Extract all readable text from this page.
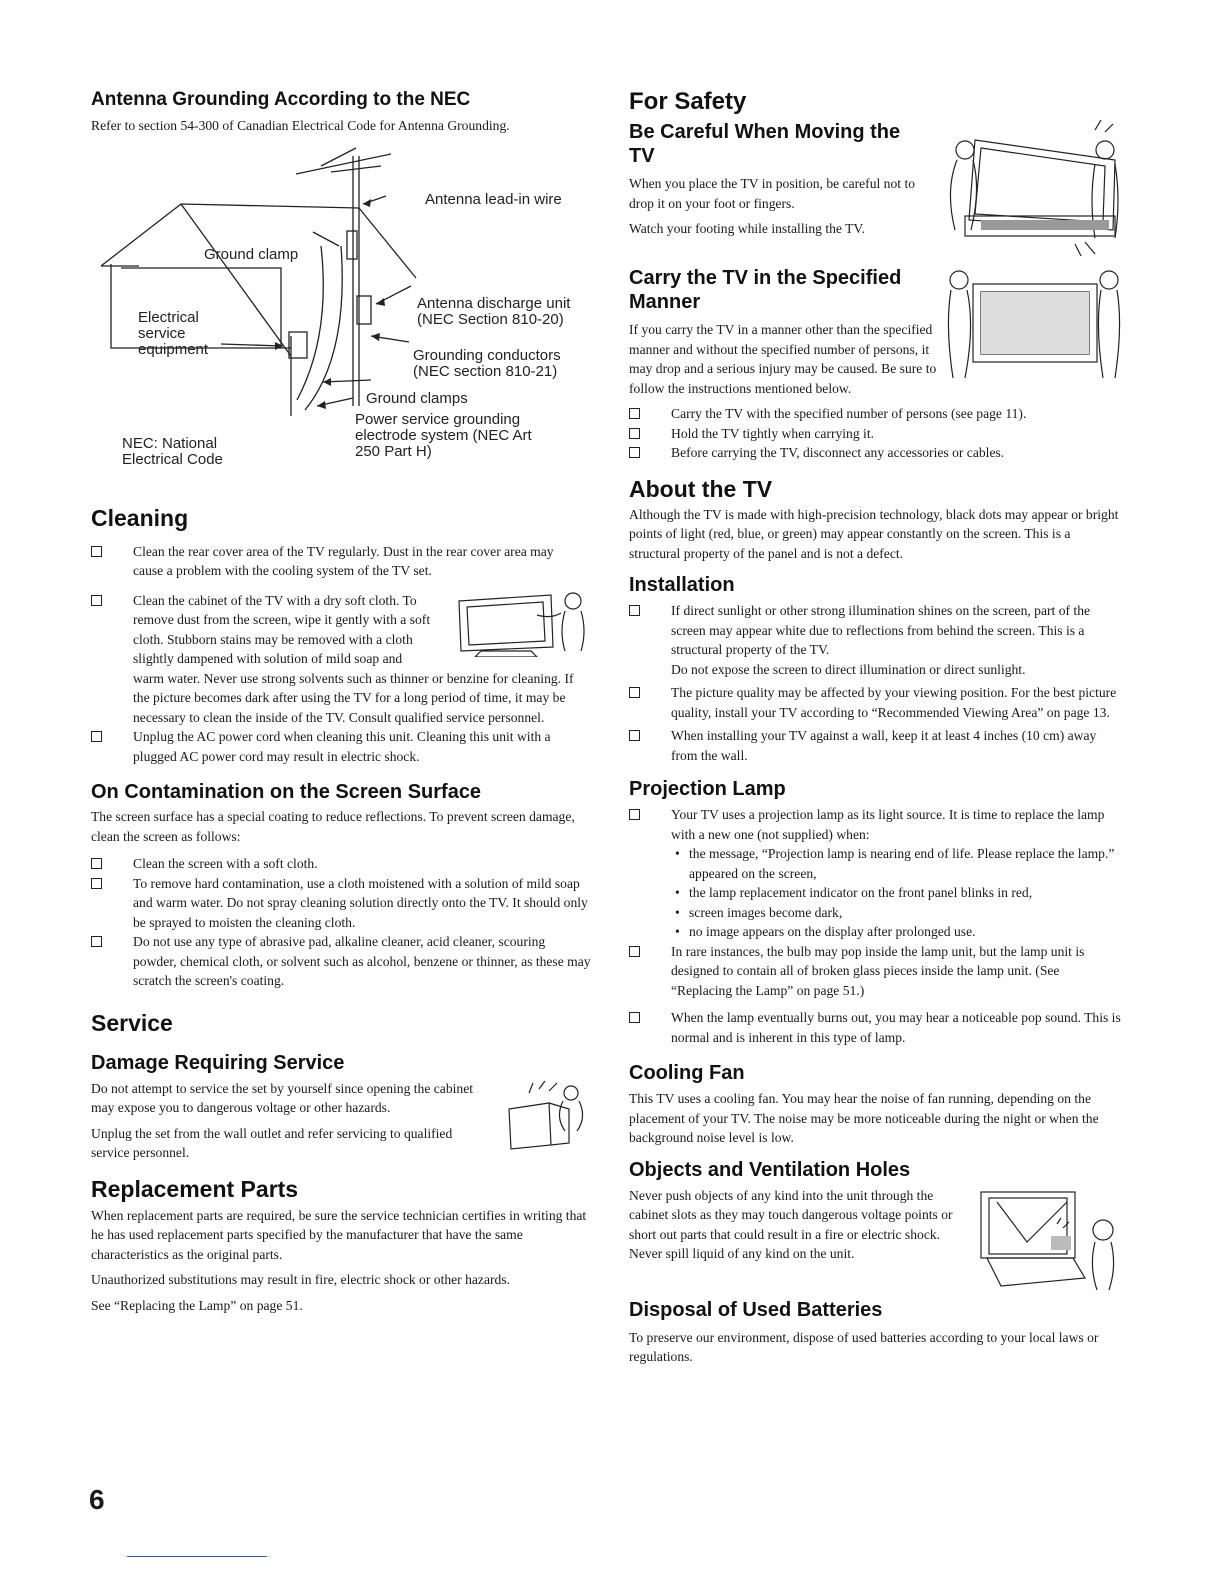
Antenna Grounding According to the NEC

Refer to section 54-300 of Canadian Electrical Code for Antenna Grounding.

Antenna lead-in wire
Ground clamp
Antenna discharge unit
(NEC Section 810-20)
Electrical
service
equipment	Grounding conductors
(NEC section 810-21)
Ground clamps
Power service grounding
electrode system (NEC Art
250 Part H)
NEC: National
Electrical Code
Cleaning
Clean the rear cover area of the TV regularly. Dust in the rear cover area may cause a problem with the cooling system of the TV set.
Clean the cabinet of the TV with a dry soft cloth. To remove dust from the screen, wipe it gently with a soft cloth. Stubborn stains may be removed with a cloth slightly dampened with solution of mild soap and warm water. Never use strong solvents such as thinner or benzine for cleaning. If the picture becomes dark after using the TV for a long period of time, it may be necessary to clean the inside of the TV. Consult qualified service personnel.
Unplug the AC power cord when cleaning this unit. Cleaning this unit with a plugged AC power cord may result in electric shock.
On Contamination on the Screen Surface

The screen surface has a special coating to reduce reflections. To prevent screen damage, clean the screen as follows:

Clean the screen with a soft cloth.
To remove hard contamination, use a cloth moistened with a solution of mild soap and warm water. Do not spray cleaning solution directly onto the TV. It should only be sprayed to moisten the cleaning cloth.
Do not use any type of abrasive pad, alkaline cleaner, acid cleaner, scouring powder, chemical cloth, or solvent such as alcohol, benzene or thinner, as these may scratch the screen's coating.
Service
Damage Requiring Service

Do not attempt to service the set by yourself since opening the cabinet may expose you to dangerous voltage or other hazards.

Unplug the set from the wall outlet and refer servicing to qualified service personnel.

Replacement Parts

When replacement parts are required, be sure the service technician certifies in writing that he has used replacement parts specified by the manufacturer that have the same characteristics as the original parts.

Unauthorized substitutions may result in fire, electric shock or other hazards.

See “Replacing the Lamp” on page 51.

For Safety
Be Careful When Moving the TV

When you place the TV in position, be careful not to drop it on your foot or fingers.

Watch your footing while installing the TV.

Carry the TV in the Specified Manner

If you carry the TV in a manner other than the specified manner and without the specified number of persons, it may drop and a serious injury may be caused. Be sure to follow the instructions mentioned below.

Carry the TV with the specified number of persons (see page 11).
Hold the TV tightly when carrying it.
Before carrying the TV, disconnect any accessories or cables.
About the TV

Although the TV is made with high-precision technology, black dots may appear or bright points of light (red, blue, or green) may appear constantly on the screen. This is a structural property of the panel and is not a defect.

Installation
If direct sunlight or other strong illumination shines on the screen, part of the screen may appear white due to reflections from behind the screen. This is a structural property of the TV.
Do not expose the screen to direct illumination or direct sunlight.
The picture quality may be affected by your viewing position. For the best picture quality, install your TV according to “Recommended Viewing Area” on page 13.
When installing your TV against a wall, keep it at least 4 inches (10 cm) away from the wall.
Projection Lamp
Your TV uses a projection lamp as its light source. It is time to replace the lamp with a new one (not supplied) when:
• the message, “Projection lamp is nearing end of life. Please replace the lamp.” appeared on the screen,
• the lamp replacement indicator on the front panel blinks in red,
• screen images become dark,
• no image appears on the display after prolonged use.
In rare instances, the bulb may pop inside the lamp unit, but the lamp unit is designed to contain all of broken glass pieces inside the lamp unit. (See “Replacing the Lamp” on page 51.)
When the lamp eventually burns out, you may hear a noticeable pop sound. This is normal and is inherent in this type of lamp.
Cooling Fan

This TV uses a cooling fan. You may hear the noise of fan running, depending on the placement of your TV. The noise may be more noticeable during the night or when the background noise level is low.

Objects and Ventilation Holes

Never push objects of any kind into the unit through the cabinet slots as they may touch dangerous voltage points or short out parts that could result in a fire or electric shock. Never spill liquid of any kind on the unit.

Disposal of Used Batteries

To preserve our environment, dispose of used batteries according to your local laws or regulations.

6
